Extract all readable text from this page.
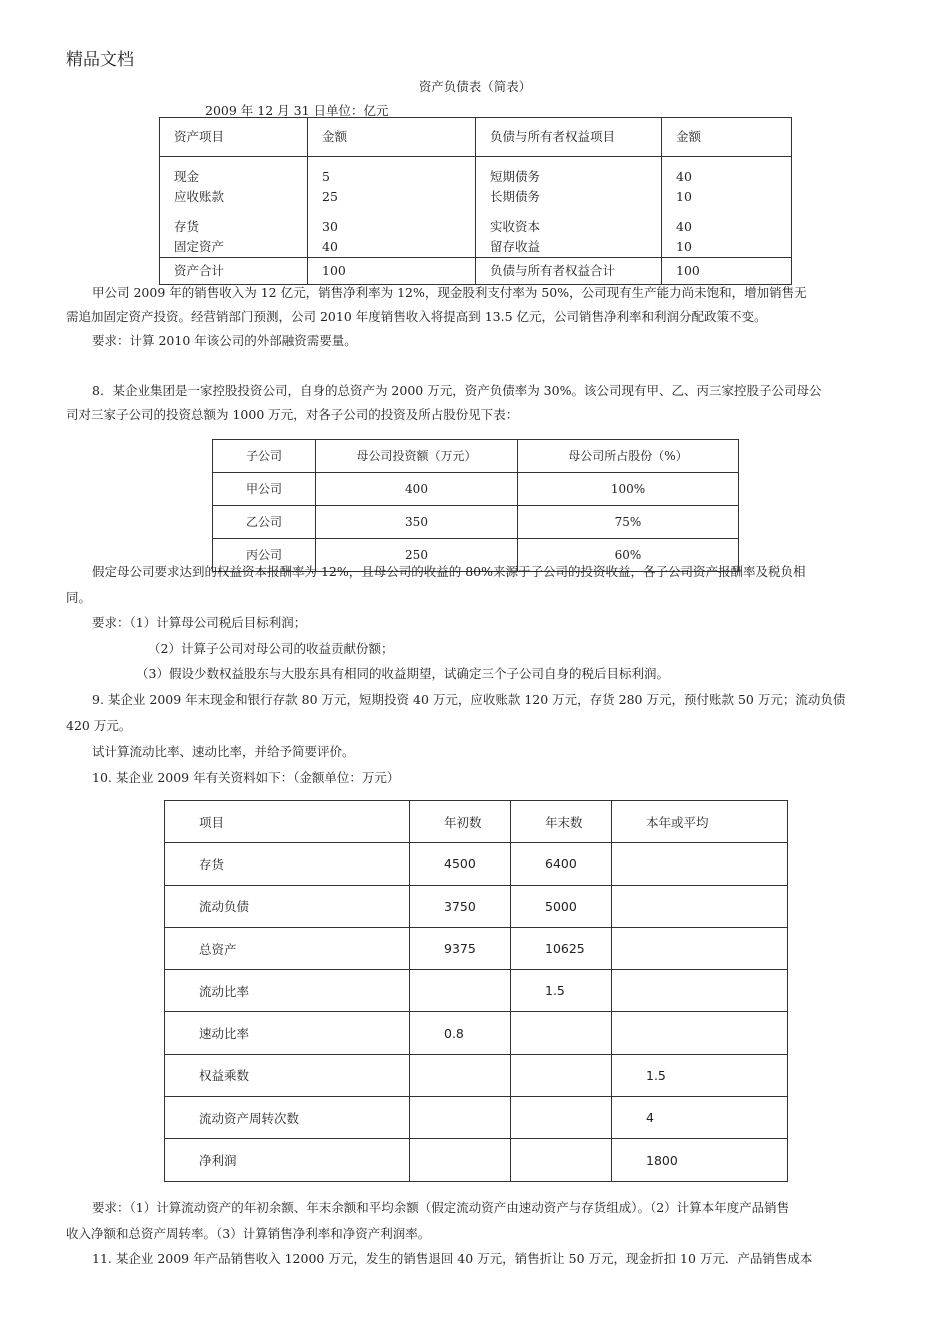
精品文档
资产负债表（简表）
2009 年 12 月 31 日单位：亿元
资产项目	金额	负债与所有者权益项目	金额

现金	5	短期债务	40
应收账款	25	长期债务	10

存货	30	实收资本	40
固定资产	40	留存收益	10
资产合计	100	负债与所有者权益合计	100
甲公司 2009 年的销售收入为 12 亿元，销售净利率为 12%，现金股利支付率为 50%，公司现有生产能力尚未饱和，增加销售无
需追加固定资产投资。经营销部门预测，公司 2010 年度销售收入将提高到 13.5 亿元，公司销售净利率和利润分配政策不变。
要求：计算 2010 年该公司的外部融资需要量。
8．某企业集团是一家控股投资公司，自身的总资产为 2000 万元，资产负债率为 30%。该公司现有甲、乙、丙三家控股子公司母公
司对三家子公司的投资总额为 1000 万元，对各子公司的投资及所占股份见下表：
子公司	母公司投资额（万元）	母公司所占股份（%）
甲公司	400	100%
乙公司	350	75%
丙公司	250	60%
假定母公司要求达到的权益资本报酬率为 12%，且母公司的收益的 80%来源于子公司的投资收益，各子公司资产报酬率及税负相
同。
要求：（1）计算母公司税后目标利润；
（2）计算子公司对母公司的收益贡献份额；
（3）假设少数权益股东与大股东具有相同的收益期望，试确定三个子公司自身的税后目标利润。
9. 某企业 2009 年末现金和银行存款 80 万元，短期投资 40 万元，应收账款 120 万元，存货 280 万元，预付账款 50 万元；流动负债
420 万元。
试计算流动比率、速动比率，并给予简要评价。
10. 某企业 2009 年有关资料如下：（金额单位：万元）
项目	年初数	年末数	本年或平均
存货	4500	6400	
流动负债	3750	5000	
总资产	9375	10625	
流动比率		1.5	
速动比率	0.8		
权益乘数			1.5
流动资产周转次数			4
净利润			1800
要求：（1）计算流动资产的年初余额、年末余额和平均余额（假定流动资产由速动资产与存货组成）。（2）计算本年度产品销售
收入净额和总资产周转率。（3）计算销售净利率和净资产利润率。
11. 某企业 2009 年产品销售收入 12000 万元，发生的销售退回 40 万元，销售折让 50 万元，现金折扣 10 万元．产品销售成本
